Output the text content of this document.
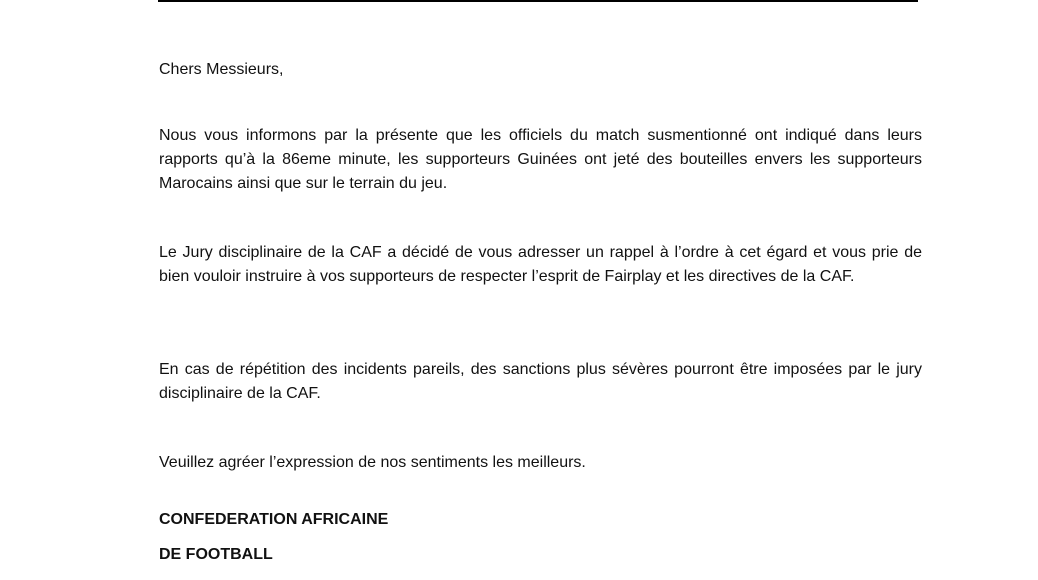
Chers Messieurs,

Nous vous informons par la présente que les officiels du match susmentionné ont indiqué dans leurs rapports qu’à la 86eme minute, les supporteurs Guinées ont jeté des bouteilles envers les supporteurs Marocains ainsi que sur le terrain du jeu.

Le Jury disciplinaire de la CAF a décidé de vous adresser un rappel à l’ordre à cet égard et vous prie de bien vouloir instruire à vos supporteurs de respecter l’esprit de Fairplay et les directives de la CAF.

En cas de répétition des incidents pareils, des sanctions plus sévères pourront être imposées par le jury disciplinaire de la CAF.

Veuillez agréer l’expression de nos sentiments les meilleurs.

CONFEDERATION AFRICAINE

DE FOOTBALL
